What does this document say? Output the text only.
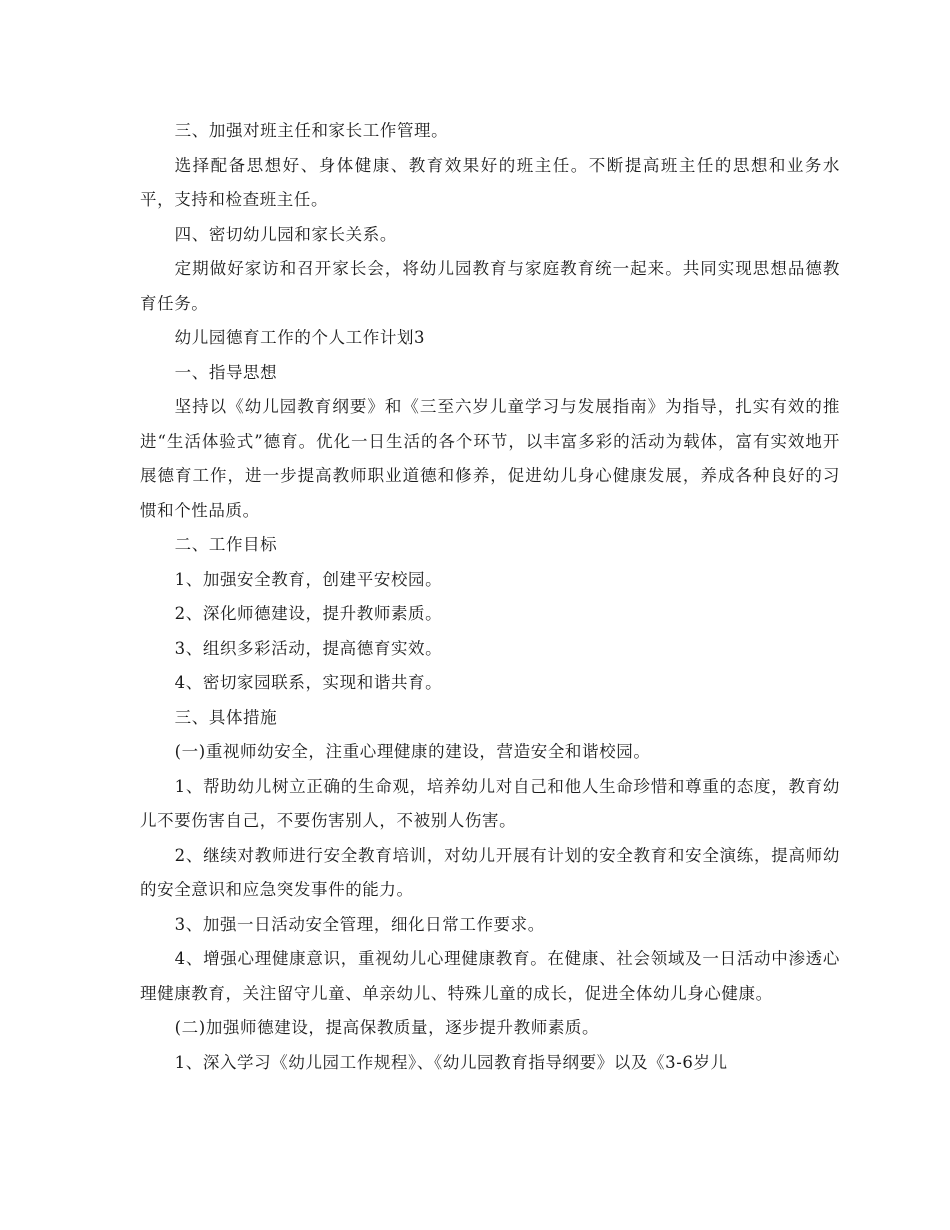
三、加强对班主任和家长工作管理。

选择配备思想好、身体健康、教育效果好的班主任。不断提高班主任的思想和业务水平，支持和检查班主任。

四、密切幼儿园和家长关系。

定期做好家访和召开家长会，将幼儿园教育与家庭教育统一起来。共同实现思想品德教育任务。

幼儿园德育工作的个人工作计划3

一、指导思想

坚持以《幼儿园教育纲要》和《三至六岁儿童学习与发展指南》为指导，扎实有效的推进“生活体验式”德育。优化一日生活的各个环节，以丰富多彩的活动为载体，富有实效地开展德育工作，进一步提高教师职业道德和修养，促进幼儿身心健康发展，养成各种良好的习惯和个性品质。

二、工作目标

1、加强安全教育，创建平安校园。

2、深化师德建设，提升教师素质。

3、组织多彩活动，提高德育实效。

4、密切家园联系，实现和谐共育。

三、具体措施

(一)重视师幼安全，注重心理健康的建设，营造安全和谐校园。

1、帮助幼儿树立正确的生命观，培养幼儿对自己和他人生命珍惜和尊重的态度，教育幼儿不要伤害自己，不要伤害别人，不被别人伤害。

2、继续对教师进行安全教育培训，对幼儿开展有计划的安全教育和安全演练，提高师幼的安全意识和应急突发事件的能力。

3、加强一日活动安全管理，细化日常工作要求。

4、增强心理健康意识，重视幼儿心理健康教育。在健康、社会领域及一日活动中渗透心理健康教育，关注留守儿童、单亲幼儿、特殊儿童的成长，促进全体幼儿身心健康。

(二)加强师德建设，提高保教质量，逐步提升教师素质。

1、深入学习《幼儿园工作规程》、《幼儿园教育指导纲要》以及《3-6岁儿
